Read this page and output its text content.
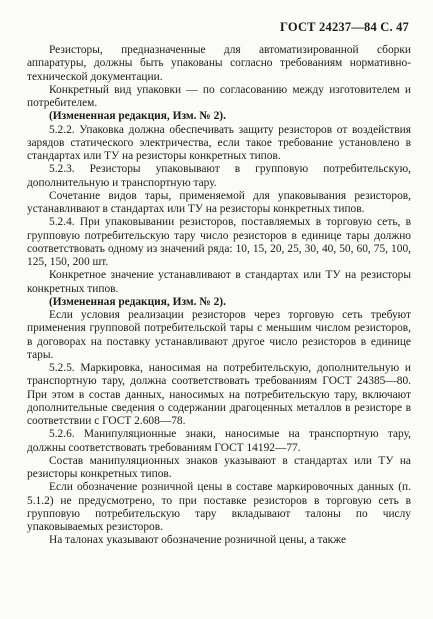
ГОСТ 24237—84 С. 47

Резисторы, предназначенные для автоматизированной сборки аппаратуры, должны быть упакованы согласно требованиям нормативно-технической документации.

Конкретный вид упаковки — по согласованию между изготовителем и потребителем.

(Измененная редакция, Изм. № 2).

5.2.2. Упаковка должна обеспечивать защиту резисторов от воздействия зарядов статического электричества, если такое требование установлено в стандартах или ТУ на резисторы конкретных типов.

5.2.3. Резисторы упаковывают в групповую потребительскую, дополнительную и транспортную тару.

Сочетание видов тары, применяемой для упаковывания резисторов, устанавливают в стандартах или ТУ на резисторы конкретных типов.

5.2.4. При упаковывании резисторов, поставляемых в торговую сеть, в групповую потребительскую тару число резисторов в единице тары должно соответствовать одному из значений ряда: 10, 15, 20, 25, 30, 40, 50, 60, 75, 100, 125, 150, 200 шт.

Конкретное значение устанавливают в стандартах или ТУ на резисторы конкретных типов.

(Измененная редакция, Изм. № 2).

Если условия реализации резисторов через торговую сеть требуют применения групповой потребительской тары с меньшим числом резисторов, в договорах на поставку устанавливают другое число резисторов в единице тары.

5.2.5. Маркировка, наносимая на потребительскую, дополнительную и транспортную тару, должна соответствовать требованиям ГОСТ 24385—80. При этом в состав данных, наносимых на потребительскую тару, включают дополнительные сведения о содержании драгоценных металлов в резисторе в соответствии с ГОСТ 2.608—78.

5.2.6. Манипуляционные знаки, наносимые на транспортную тару, должны соответствовать требованиям ГОСТ 14192—77.

Состав манипуляционных знаков указывают в стандартах или ТУ на резисторы конкретных типов.

Если обозначение розничной цены в составе маркировочных данных (п. 5.1.2) не предусмотрено, то при поставке резисторов в торговую сеть в групповую потребительскую тару вкладывают талоны по числу упаковываемых резисторов.

На талонах указывают обозначение розничной цены, а также
